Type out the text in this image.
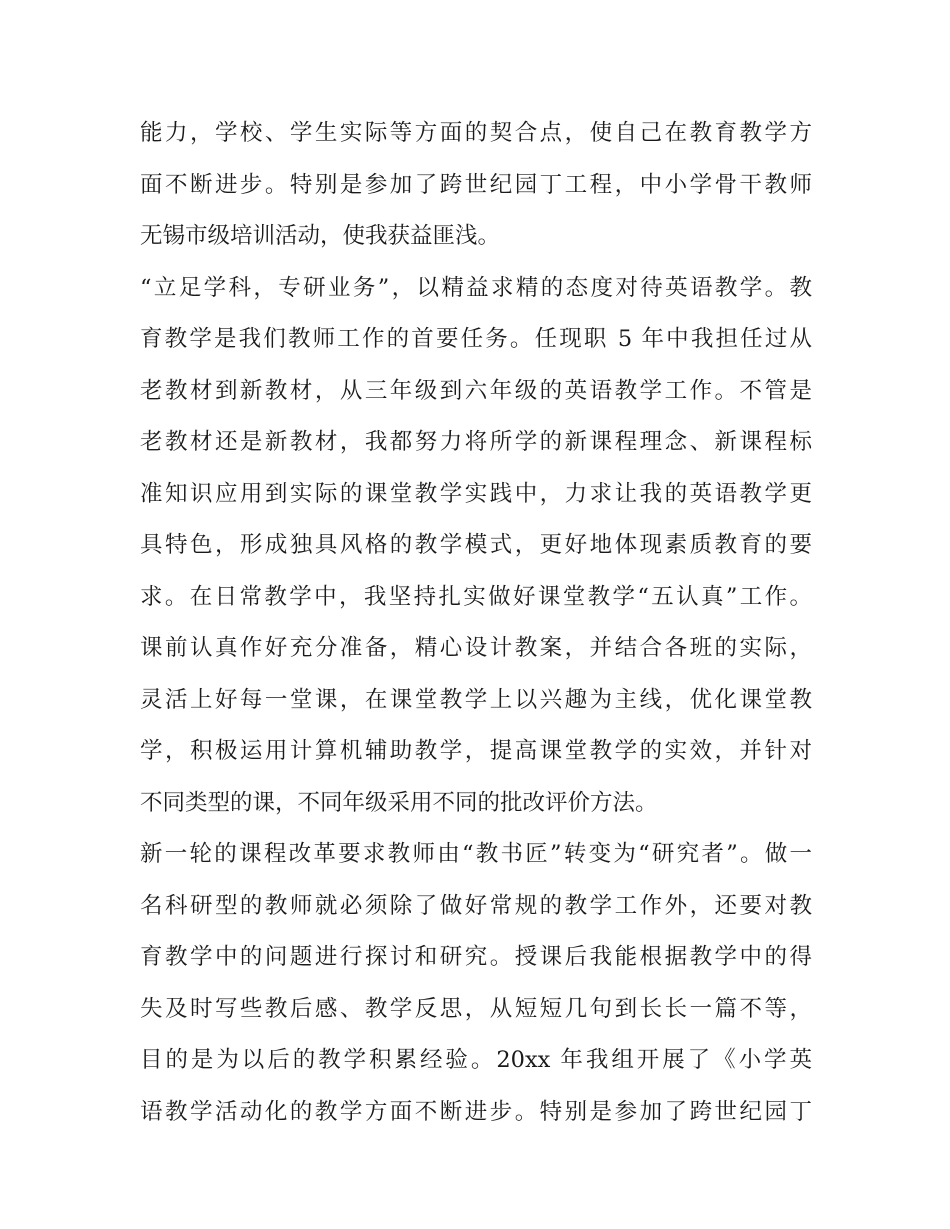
能力，学校、学生实际等方面的契合点，使自己在教育教学方
面不断进步。特别是参加了跨世纪园丁工程，中小学骨干教师
无锡市级培训活动，使我获益匪浅。
“立足学科，专研业务”，以精益求精的态度对待英语教学。教
育教学是我们教师工作的首要任务。任现职 5 年中我担任过从
老教材到新教材，从三年级到六年级的英语教学工作。不管是
老教材还是新教材，我都努力将所学的新课程理念、新课程标
准知识应用到实际的课堂教学实践中，力求让我的英语教学更
具特色，形成独具风格的教学模式，更好地体现素质教育的要
求。在日常教学中，我坚持扎实做好课堂教学“五认真”工作。
课前认真作好充分准备，精心设计教案，并结合各班的实际，
灵活上好每一堂课，在课堂教学上以兴趣为主线，优化课堂教
学，积极运用计算机辅助教学，提高课堂教学的实效，并针对
不同类型的课，不同年级采用不同的批改评价方法。
新一轮的课程改革要求教师由“教书匠”转变为“研究者”。做一
名科研型的教师就必须除了做好常规的教学工作外，还要对教
育教学中的问题进行探讨和研究。授课后我能根据教学中的得
失及时写些教后感、教学反思，从短短几句到长长一篇不等，
目的是为以后的教学积累经验。20xx 年我组开展了《小学英
语教学活动化的教学方面不断进步。特别是参加了跨世纪园丁
